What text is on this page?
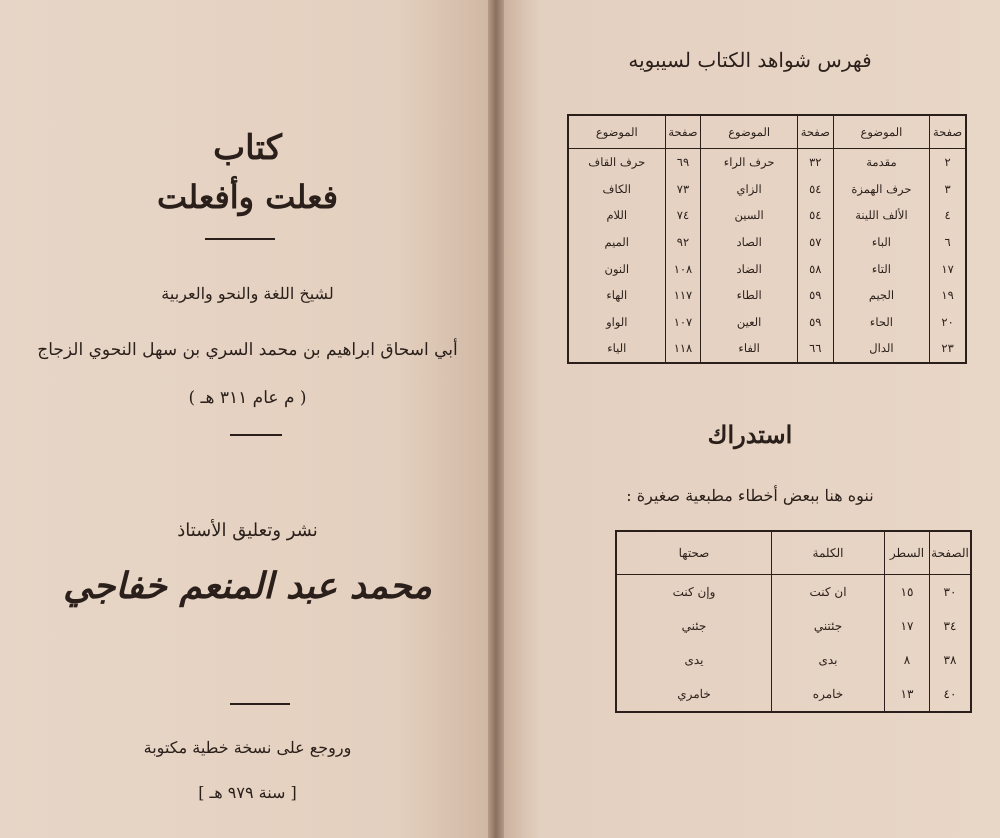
كتاب
فعلت وأفعلت
لشيخ اللغة والنحو والعربية
أبي اسحاق ابراهيم بن محمد السري بن سهل النحوي الزجاج
( م عام ٣١١ هـ )
نشر وتعليق الأستاذ
محمد عبد المنعم خفاجي
وروجع على نسخة خطية مكتوبة
[ سنة ٩٧٩ هـ ]
فهرس شواهد الكتاب لسيبويه
صفحة	الموضوع	صفحة	الموضوع	صفحة	الموضوع
٢	مقدمة	٣٢	حرف الراء	٦٩	حرف القاف
٣	حرف الهمزة	٥٤	الزاي	٧٣	الكاف
٤	الألف اللينة	٥٤	السين	٧٤	اللام
٦	الباء	٥٧	الصاد	٩٢	الميم
١٧	التاء	٥٨	الضاد	١٠٨	النون
١٩	الجيم	٥٩	الطاء	١١٧	الهاء
٢٠	الحاء	٥٩	العين	١٠٧	الواو
٢٣	الدال	٦٦	الفاء	١١٨	الياء
استدراك
ننوه هنا ببعض أخطاء مطبعية صغيرة :
الصفحة	السطر	الكلمة	صحتها
٣٠	١٥	ان كنت	وإن كنت
٣٤	١٧	جئتني	جئني
٣٨	٨	بدى	يدى
٤٠	١٣	خامره	خامري
